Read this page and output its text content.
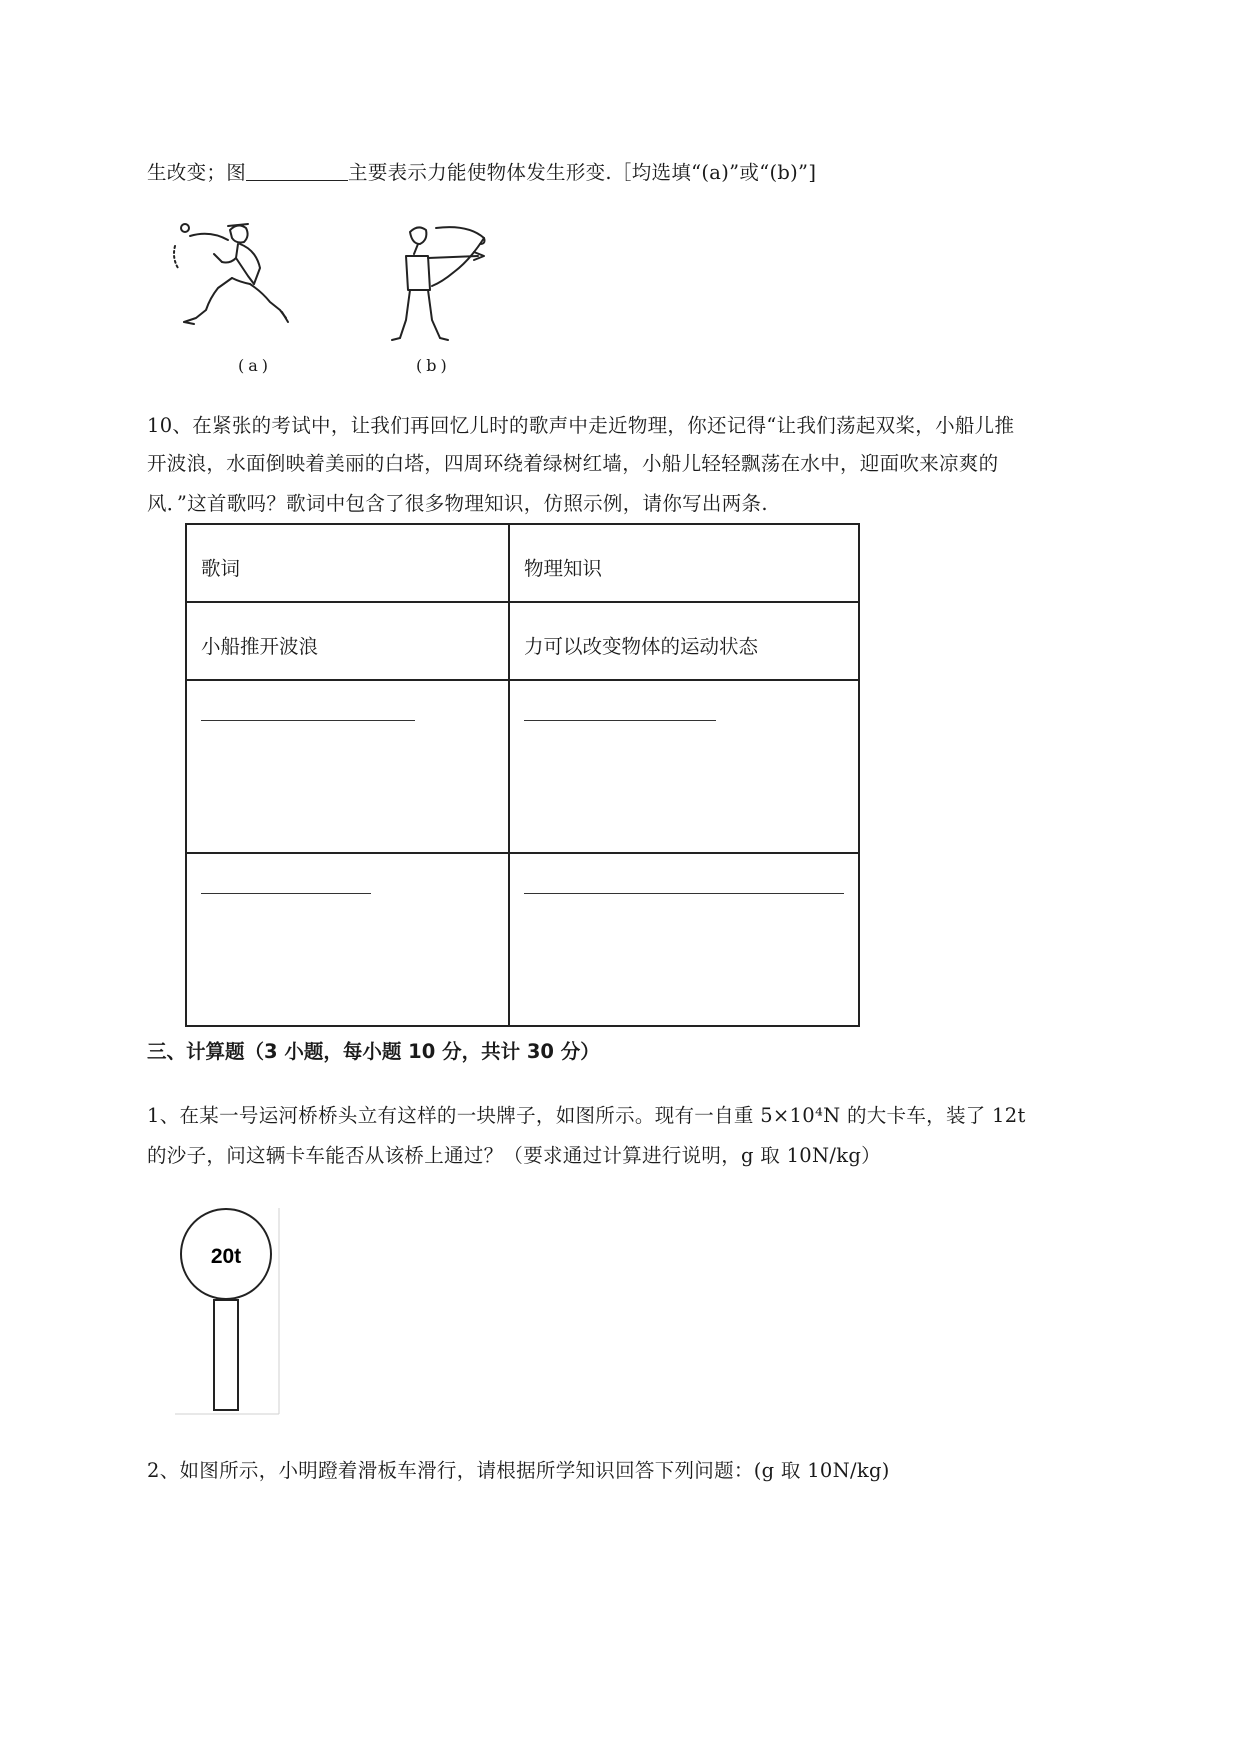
生改变；图	主要表示力能使物体发生形变.［均选填“(a)”或“(b)”]
(a)	(b)
10、在紧张的考试中，让我们再回忆儿时的歌声中走近物理，你还记得“让我们荡起双桨，小船儿推
开波浪，水面倒映着美丽的白塔，四周环绕着绿树红墙，小船儿轻轻飘荡在水中，迎面吹来凉爽的
风．”这首歌吗？歌词中包含了很多物理知识，仿照示例，请你写出两条.
歌词	物理知识
小船推开波浪	力可以改变物体的运动状态

三、计算题（3 小题，每小题 10 分，共计 30 分）
1、在某一号运河桥桥头立有这样的一块牌子，如图所示。现有一自重 5×10⁴N 的大卡车，装了 12t
的沙子，问这辆卡车能否从该桥上通过？（要求通过计算进行说明，g 取 10N/kg）
20t
2、如图所示，小明蹬着滑板车滑行，请根据所学知识回答下列问题：(g 取 10N/kg)
